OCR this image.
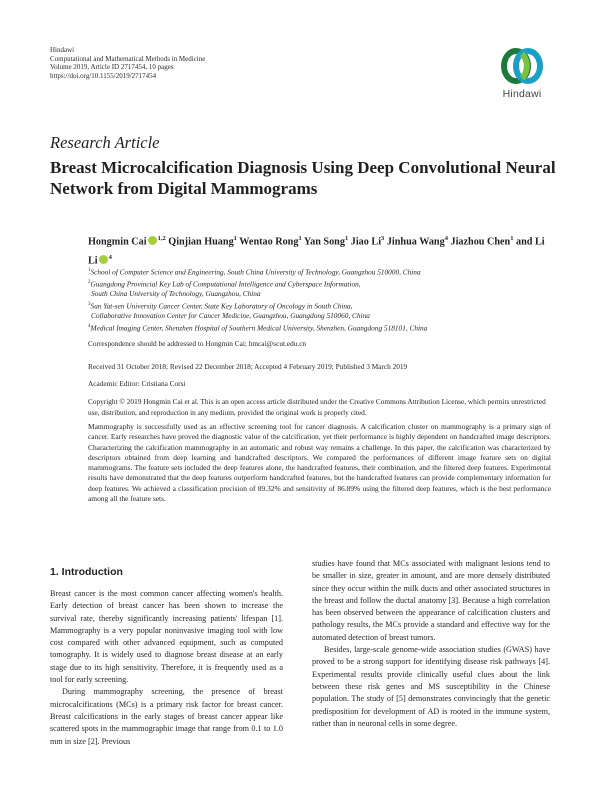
Hindawi
Computational and Mathematical Methods in Medicine
Volume 2019, Article ID 2717454, 10 pages
https://doi.org/10.1155/2019/2717454
Hindawi
Research Article
Breast Microcalcification Diagnosis Using Deep Convolutional Neural Network from Digital Mammograms
Hongmin Cai $^{1,2}$ Qinjian Huang$^1$ Wentao Rong$^1$ Yan Song$^1$ Jiao Li$^3$ Jinhua Wang$^4$ Jiazhou Chen$^1$ and Li Li $^4$
$^1$School of Computer Science and Engineering, South China University of Technology, Guangzhou 510000, China
$^2$Guangdong Provincial Key Lab of Computational Intelligence and Cyberspace Information,
South China University of Technology, Guangzhou, China
$^3$Sun Yat-sen University Cancer Center, State Key Laboratory of Oncology in South China,
Collaborative Innovation Center for Cancer Medicine, Guangzhou, Guangdong 510060, China
$^4$Medical Imaging Center, Shenzhen Hospital of Southern Medical University, Shenzhen, Guangdong 518101, China
Correspondence should be addressed to Hongmin Cai; hmcai@scut.edu.cn
Received 31 October 2018; Revised 22 December 2018; Accepted 4 February 2019; Published 3 March 2019
Academic Editor: Cristiana Corsi
Copyright © 2019 Hongmin Cai et al. This is an open access article distributed under the Creative Commons Attribution License, which permits unrestricted use, distribution, and reproduction in any medium, provided the original work is properly cited.
Mammography is successfully used as an effective screening tool for cancer diagnosis. A calcification cluster on mammography is a primary sign of cancer. Early researches have proved the diagnostic value of the calcification, yet their performance is highly dependent on handcrafted image descriptors. Characterizing the calcification mammography in an automatic and robust way remains a challenge. In this paper, the calcification was characterized by descriptors obtained from deep learning and handcrafted descriptors. We compared the performances of different image feature sets on digital mammograms. The feature sets included the deep features alone, the handcrafted features, their combination, and the filtered deep features. Experimental results have demonstrated that the deep features outperform handcrafted features, but the handcrafted features can provide complementary information for deep features. We achieved a classification precision of 89.32% and sensitivity of 86.89% using the filtered deep features, which is the best performance among all the feature sets.
1. Introduction

Breast cancer is the most common cancer affecting women's health. Early detection of breast cancer has been shown to increase the survival rate, thereby significantly increasing patients' lifespan [1]. Mammography is a very popular noninvasive imaging tool with low cost compared with other advanced equipment, such as computed tomography. It is widely used to diagnose breast disease at an early stage due to its high sensitivity. Therefore, it is frequently used as a tool for early screening.

During mammography screening, the presence of breast microcalcifications (MCs) is a primary risk factor for breast cancer. Breast calcifications in the early stages of breast cancer appear like scattered spots in the mammographic image that range from 0.1 to 1.0 mm in size [2]. Previous

studies have found that MCs associated with malignant lesions tend to be smaller in size, greater in amount, and are more densely distributed since they occur within the milk ducts and other associated structures in the breast and follow the ductal anatomy [3]. Because a high correlation has been observed between the appearance of calcification clusters and pathology results, the MCs provide a standard and effective way for the automated detection of breast tumors.

Besides, large-scale genome-wide association studies (GWAS) have proved to be a strong support for identifying disease risk pathways [4]. Experimental results provide clinically useful clues about the link between these risk genes and MS susceptibility in the Chinese population. The study of [5] demonstrates convincingly that the genetic predisposition for development of AD is rooted in the immune system, rather than in neuronal cells in some degree.
